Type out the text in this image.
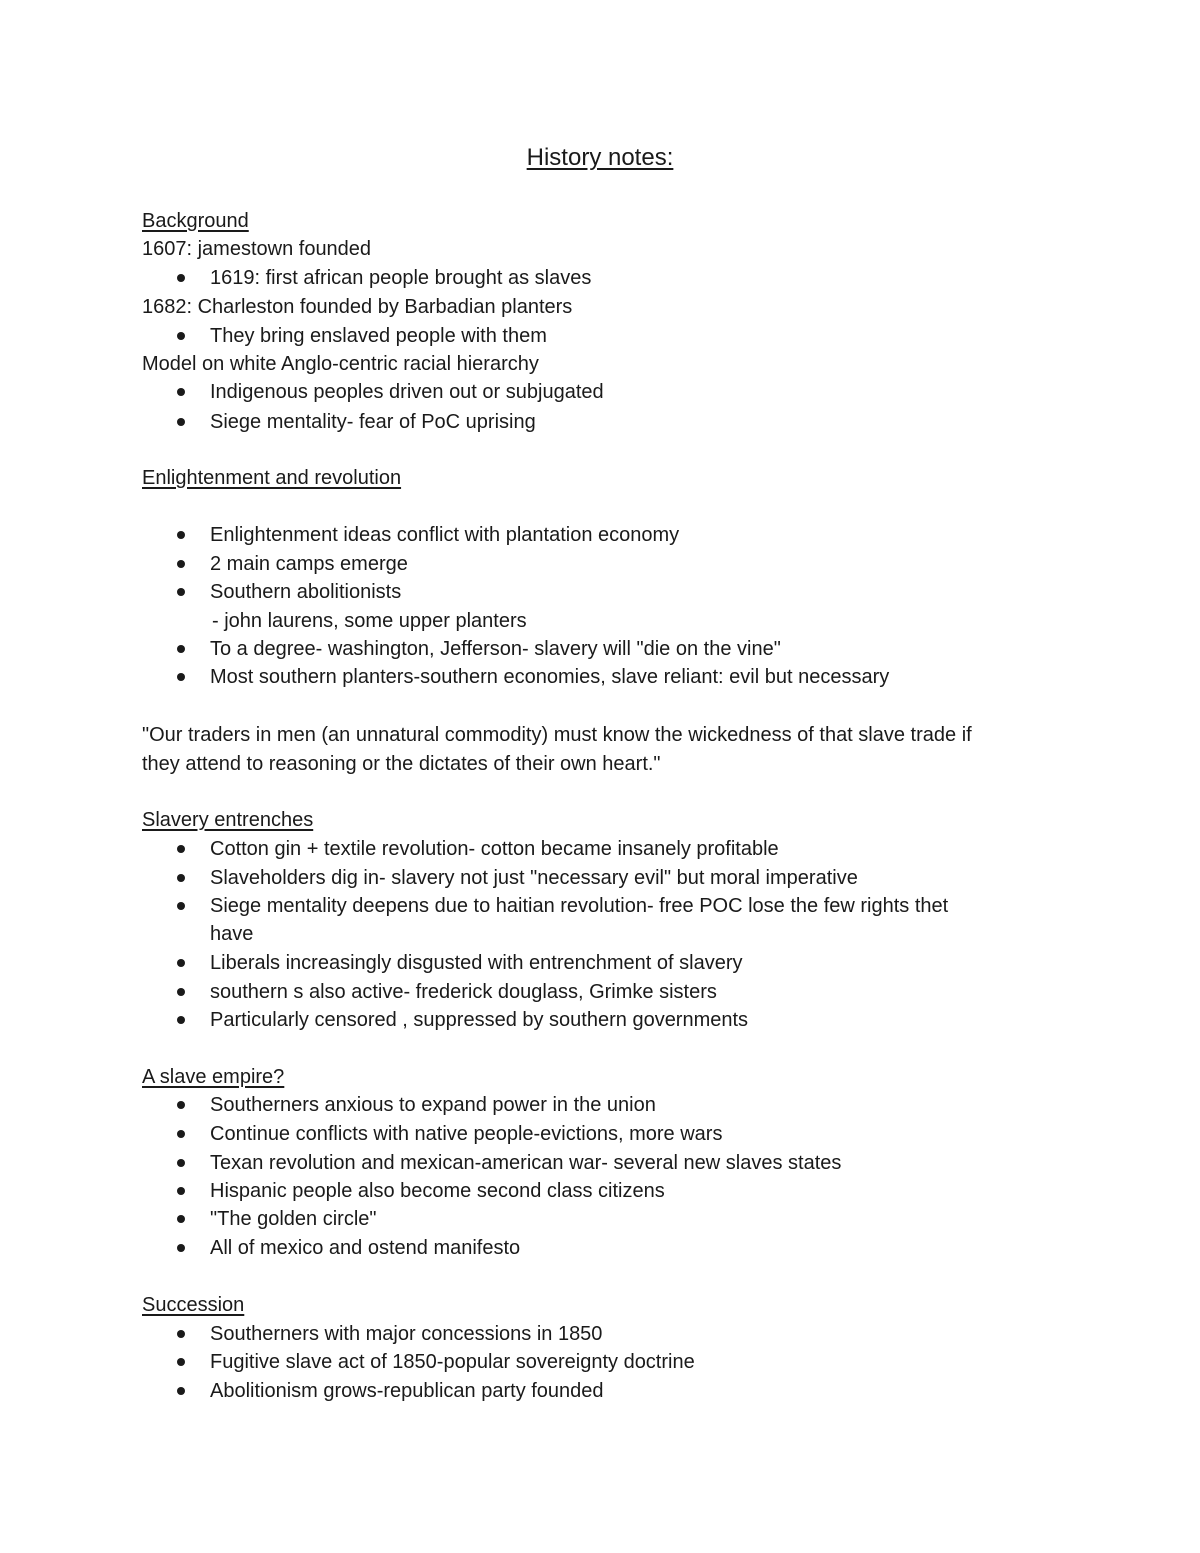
History notes:
Background
1607: jamestown founded
1619: first african people brought as slaves
1682: Charleston founded by Barbadian planters
They bring enslaved people with them
Model on white Anglo-centric racial hierarchy
Indigenous peoples driven out or subjugated
Siege mentality- fear of PoC uprising
Enlightenment and revolution
Enlightenment ideas conflict with plantation economy
2 main camps emerge
Southern abolitionists
- john laurens, some upper planters
To a degree- washington, Jefferson- slavery will "die on the vine"
Most southern planters-southern economies, slave reliant: evil but necessary
"Our traders in men (an unnatural commodity) must know the wickedness of that slave trade if
they attend to reasoning or the dictates of their own heart."
Slavery entrenches
Cotton gin + textile revolution- cotton became insanely profitable
Slaveholders dig in- slavery not just "necessary evil" but moral imperative
Siege mentality deepens due to haitian revolution- free POC lose the few rights thet
have
Liberals increasingly disgusted with entrenchment of slavery
southern s also active- frederick douglass, Grimke sisters
Particularly censored , suppressed by southern governments
A slave empire?
Southerners anxious to expand power in the union
Continue conflicts with native people-evictions, more wars
Texan revolution and mexican-american war- several new slaves states
Hispanic people also become second class citizens
"The golden circle"
All of mexico and ostend manifesto
Succession
Southerners with major concessions in 1850
Fugitive slave act of 1850-popular sovereignty doctrine
Abolitionism grows-republican party founded
